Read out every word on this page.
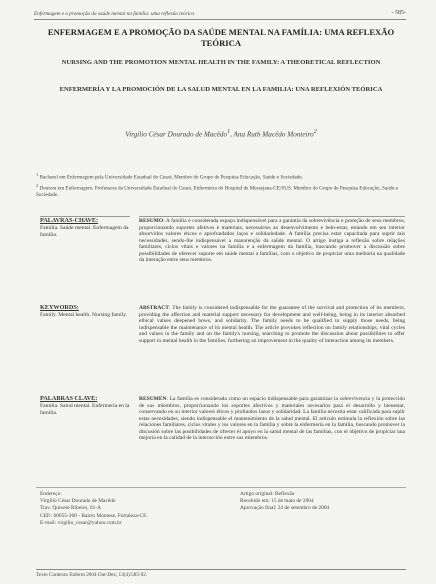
Enfermagem e a promoção da saúde mental na família: uma reflexão teórica	- 585-
ENFERMAGEM E A PROMOÇÃO DA SAÚDE MENTAL NA FAMÍLIA: UMA REFLEXÃO TEÓRICA
NURSING AND THE PROMOTION MENTAL HEALTH IN THE FAMILY: A THEORETICAL REFLECTION
ENFERMERÍA Y LA PROMOCIÓN DE LA SALUD MENTAL EN LA FAMILIA: UNA REFLEXIÓN TEÓRICA
Virgílio César Dourado de Macêdo$^1$, Ana Ruth Macêdo Monteiro$^2$
$^1$ Bacharel em Enfermagem pela Universidade Estadual do Ceará. Membro do Grupo de Pesquisa Educação, Saúde e Sociedade.
$^2$ Doutora em Enfermagem. Professora da Universidade Estadual do Ceará. Enfermeira do Hospital de Messejana-CE/SUS. Membro do Grupo de Pesquisa Educação, Saúde e Sociedade.
PALAVRAS-CHAVE:
Família. Saúde mental. Enfermagem da família.
RESUMO: A família é considerada espaço indispensável para a garantia da sobrevivência e proteção de seus membros, proporcionando suportes afetivos e materiais, necessários ao desenvolvimento e bem-estar, estando em seu interior absorvidos valores éticos e aprofundados laços e solidariedade. A família precisa estar capacitada para suprir tais necessidades, sendo-lhe indispensável a manutenção da saúde mental. O artigo instiga a reflexão sobre relações familiares, ciclos vitais e valores na família e a enfermagem da família, buscando promover a discussão sobre possibilidades de oferecer suporte em saúde mental a famílias, com o objetivo de propiciar uma melhoria na qualidade da interação entre seus membros.
KEYWORDS:
Family. Mental health. Nursing family.
ABSTRACT: The family is considered indispensable for the guarantee of the survival and protection of its members, providing the affection and material support necessary for development and well-being, being in its interior absorbed ethical values deepened bows, and solidarity. The family needs to be qualified to supply those needs, being indispensable the maintenance of its mental health. The article provokes reflection on family relationships, vital cycles and values in the family and on the family's nursing, searching to promote the discussion about possibilities to offer support in mental health in the families, furthering an improvement in the quality of interaction among its members.
PALABRAS CLAVE:
Familia. Salud mental. Enfermería en la familia.
RESUMEN: La familia es considerada como un espacio indispensable para garantizar la sobrevivencia y la protección de sus miembros, proporcionando los soportes afectivos y materiales necesarios para el desarrollo y bienestar, conservando en su interior valores éticos y profundos lazos y solidaridad. La familia necesita estar calificada para suplir estas necesidades, siendo indispensable el mantenimiento de la salud mental. El artículo estimula la reflexión sobre las relaciones familiares, ciclos vitales y los valores en la familia y sobre la enfermería en la familia, buscando promover la discusión sobre las posibilidades de ofrecer el apoyo en la salud mental de las familias, con el objetivo de propiciar una mejoría en la calidad de la interacción entre sus miembros.
Endereço:
Virgílio César Dourado de Macêdo
Trav. Quixeré Ribeiro, 01-A
CEP.: 60055-360 - Bairro Montese, Fortaleza-CE.
E-mail: virgilio_cesar@yahoo.com.br
Artigo original: Reflexão
Recebido em: 15 de maio de 2004
Aprovação final: 24 de setembro de 2004
Texto Contexto Enferm 2004 Out-Dez; 13(4):585-92.
